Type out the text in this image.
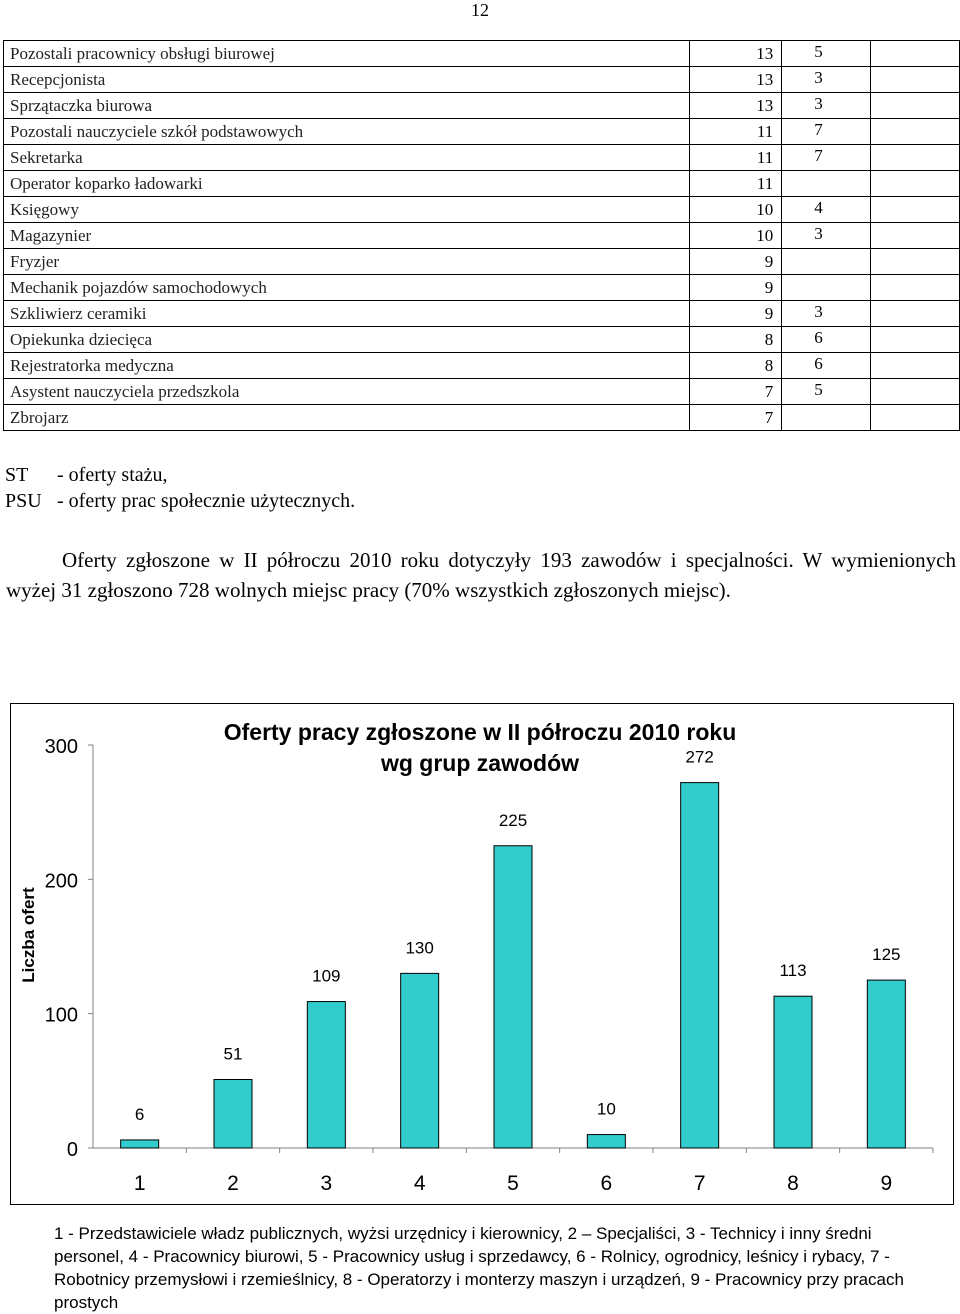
12
Pozostali pracownicy obsługi biurowej	13	5	
Recepcjonista	13	3	
Sprzątaczka biurowa	13	3	
Pozostali nauczyciele szkół podstawowych	11	7	
Sekretarka	11	7	
Operator koparko ładowarki	11		
Księgowy	10	4	
Magazynier	10	3	
Fryzjer	9		
Mechanik pojazdów samochodowych	9		
Szkliwierz ceramiki	9	3	
Opiekunka dziecięca	8	6	
Rejestratorka medyczna	8	6	
Asystent nauczyciela przedszkola	7	5	
Zbrojarz	7		
ST - oferty stażu,
PSU - oferty prac społecznie użytecznych.

Oferty zgłoszone w II półroczu 2010 roku dotyczyły 193 zawodów i specjalności. W wymienionych wyżej 31 zgłoszono 728 wolnych miejsc pracy (70% wszystkich zgłoszonych miejsc).

0
100
200
300
Liczba ofert
Oferty pracy zgłoszone w II półroczu 2010 roku
wg grup zawodów
6
1
51
2
109
3
130
4
225
5
10
6
272
7
113
8
125
9
1 - Przedstawiciele władz publicznych, wyżsi urzędnicy i kierownicy, 2 – Specjaliści, 3 - Technicy i inny średni personel, 4 - Pracownicy biurowi, 5 - Pracownicy usług i sprzedawcy, 6 - Rolnicy, ogrodnicy, leśnicy i rybacy, 7 - Robotnicy przemysłowi i rzemieślnicy, 8 - Operatorzy i monterzy maszyn i urządzeń, 9 - Pracownicy przy pracach prostych
